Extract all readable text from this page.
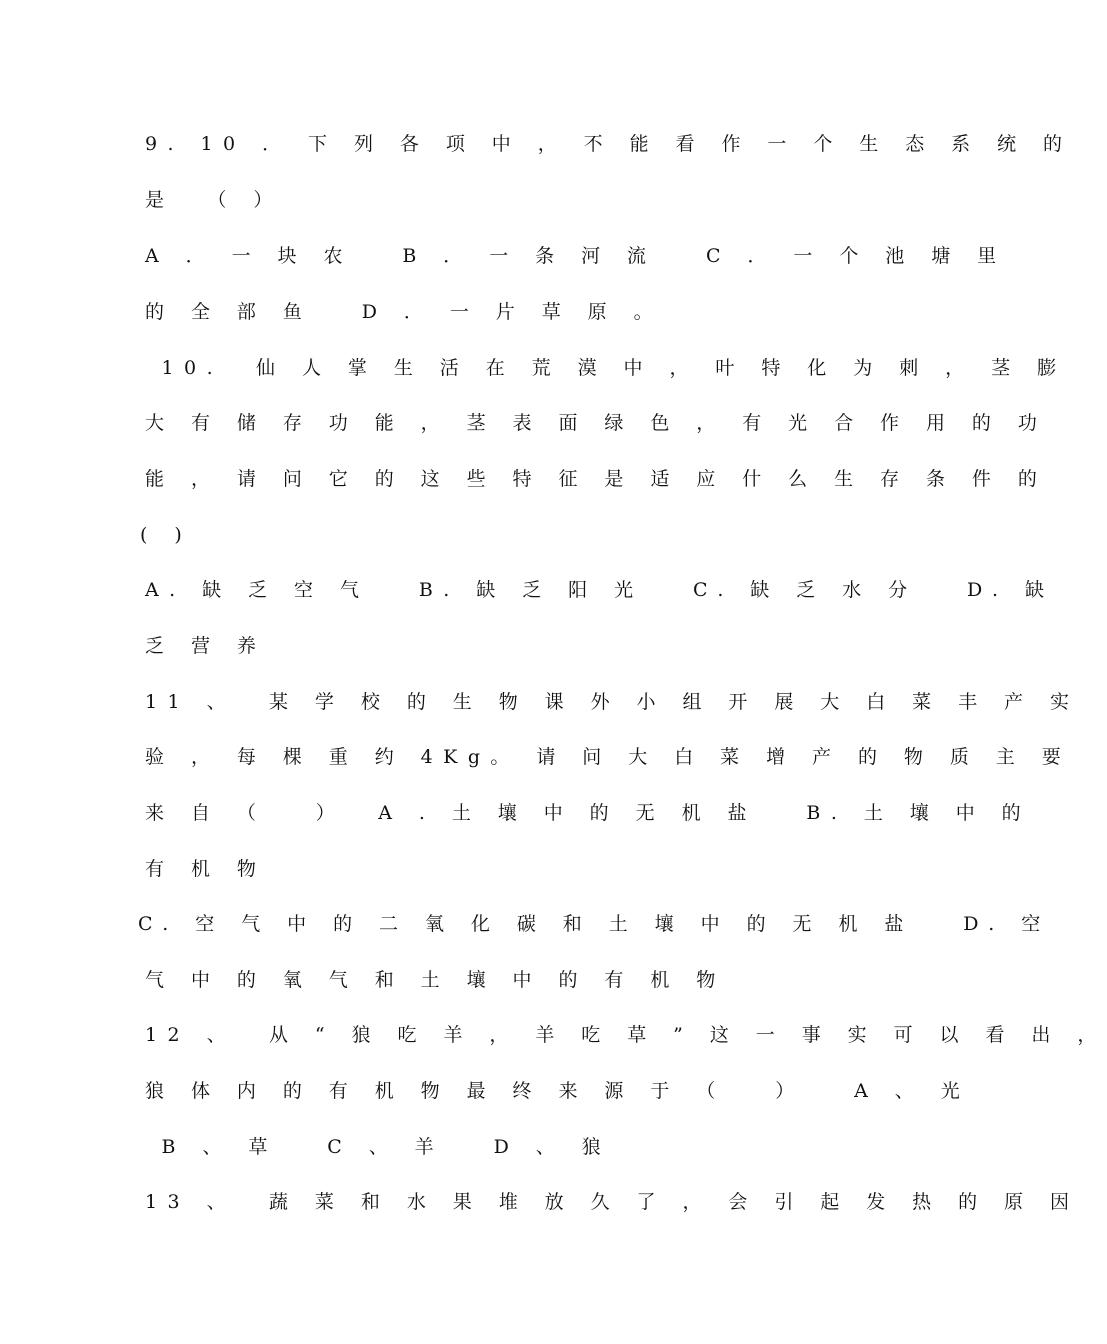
9. 10 ． 下 列 各 项 中 ， 不 能 看 作 一 个 生 态 系 统 的
是  （ ）
A ． 一 块 农   B ． 一 条 河 流   C ． 一 个 池 塘 里
的 全 部 鱼   D ． 一 片 草 原 。
10.  仙 人 掌 生 活 在 荒 漠 中 ， 叶 特 化 为 刺 ， 茎 膨
大 有 储 存 功 能 ， 茎 表 面 绿 色 ， 有 光 合 作 用 的 功
能 ， 请 问 它 的 这 些 特 征 是 适 应 什 么 生 存 条 件 的
( )
A. 缺 乏 空 气   B. 缺 乏 阳 光   C. 缺 乏 水 分   D. 缺
乏 营 养
11 、  某 学 校 的 生 物 课 外 小 组 开 展 大 白 菜 丰 产 实
验 ， 每 棵 重 约 4Kg。 请 问 大 白 菜 增 产 的 物 质 主 要
来 自 （   ）  A . 土 壤 中 的 无 机 盐   B. 土 壤 中 的
有 机 物
C. 空 气 中 的 二 氧 化 碳 和 土 壤 中 的 无 机 盐   D. 空
气 中 的 氧 气 和 土 壤 中 的 有 机 物
12 、  从 “ 狼 吃 羊 ， 羊 吃 草 ” 这 一 事 实 可 以 看 出 ，
狼 体 内 的 有 机 物 最 终 来 源 于 （   ）   A 、 光
B 、 草   C 、 羊   D 、 狼
13 、  蔬 菜 和 水 果 堆 放 久 了 ， 会 引 起 发 热 的 原 因
